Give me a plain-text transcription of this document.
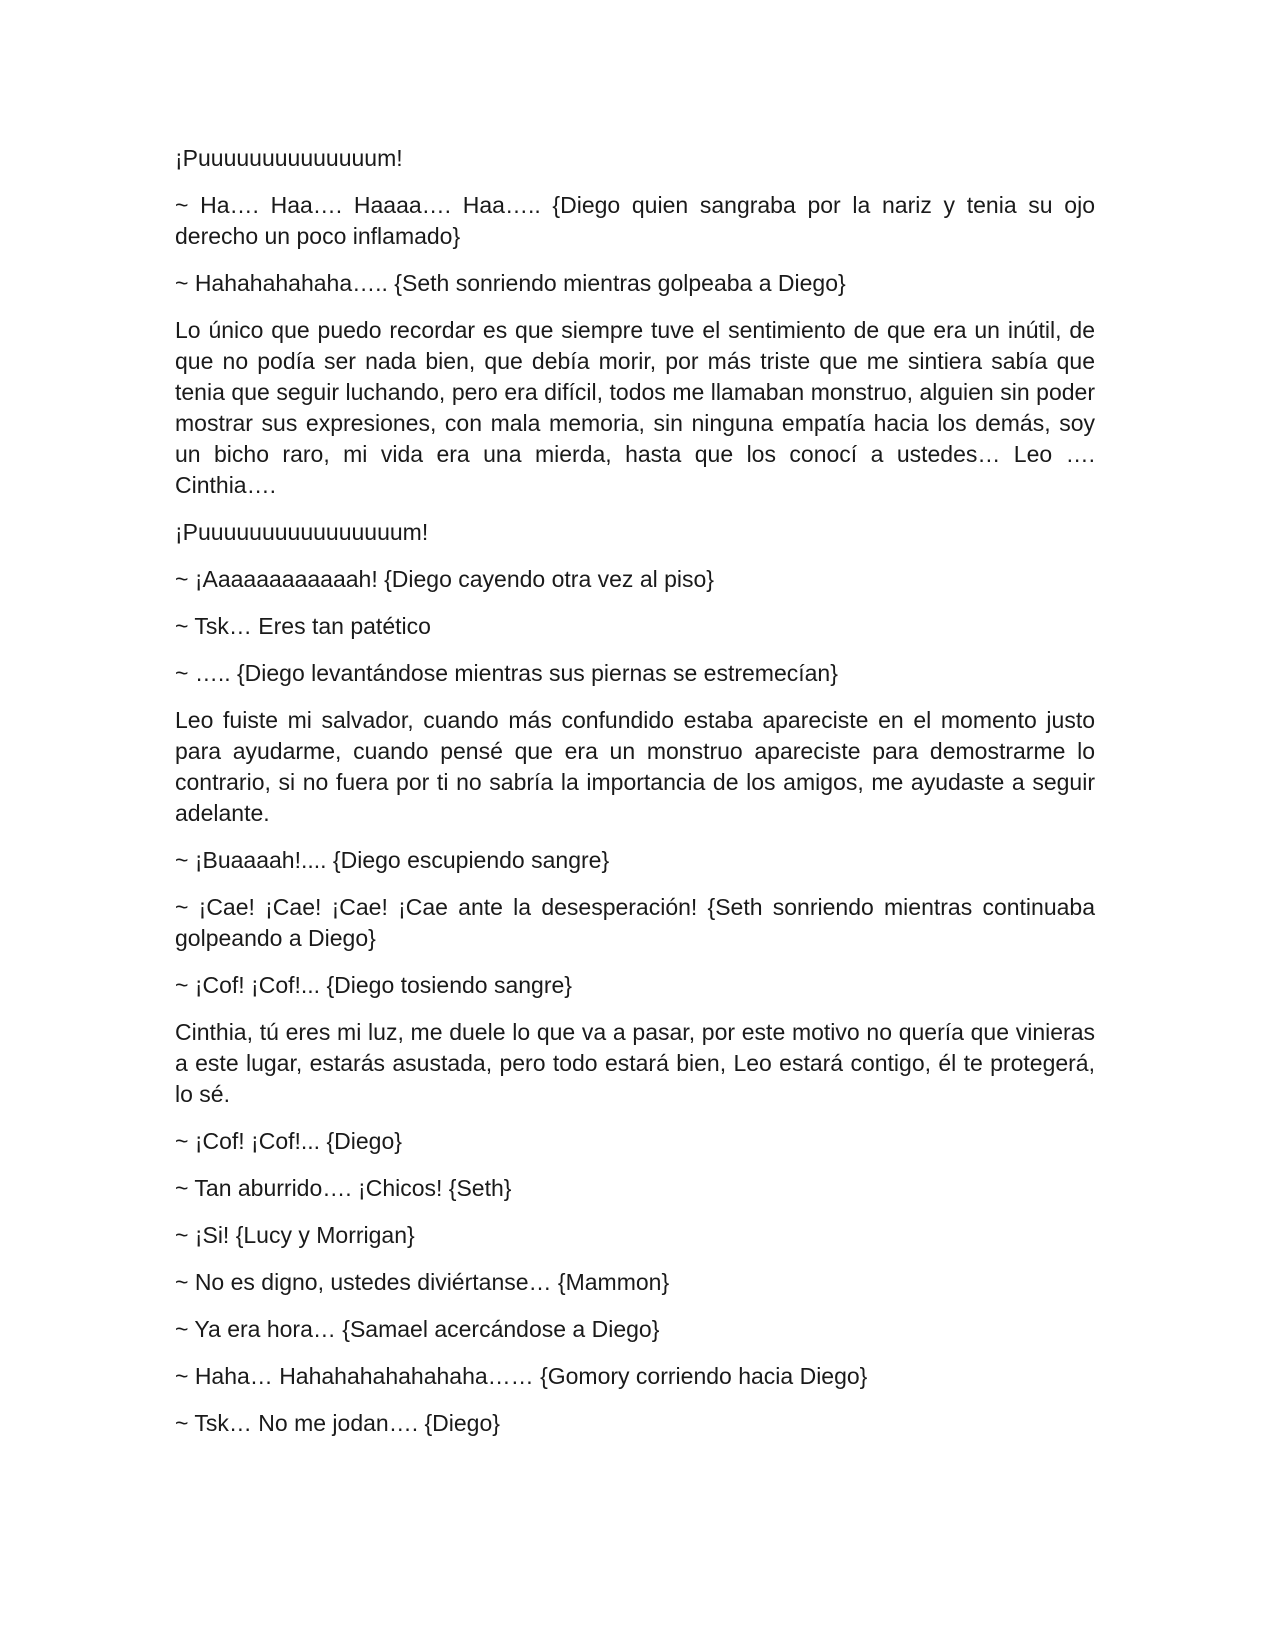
¡Puuuuuuuuuuuuuum!

~ Ha…. Haa…. Haaaa…. Haa….. {Diego quien sangraba por la nariz y tenia su ojo derecho un poco inflamado}

~ Hahahahahaha….. {Seth sonriendo mientras golpeaba a Diego}

Lo único que puedo recordar es que siempre tuve el sentimiento de que era un inútil, de que no podía ser nada bien, que debía morir, por más triste que me sintiera sabía que tenia que seguir luchando, pero era difícil, todos me llamaban monstruo, alguien sin poder mostrar sus expresiones, con mala memoria, sin ninguna empatía hacia los demás, soy un bicho raro, mi vida era una mierda, hasta que los conocí a ustedes… Leo …. Cinthia….

¡Puuuuuuuuuuuuuuuum!

~ ¡Aaaaaaaaaaaah! {Diego cayendo otra vez al piso}

~ Tsk… Eres tan patético

~ ….. {Diego levantándose mientras sus piernas se estremecían}

Leo fuiste mi salvador, cuando más confundido estaba apareciste en el momento justo para ayudarme, cuando pensé que era un monstruo apareciste para demostrarme lo contrario, si no fuera por ti no sabría la importancia de los amigos, me ayudaste a seguir adelante.

~ ¡Buaaaah!.... {Diego escupiendo sangre}

~ ¡Cae! ¡Cae! ¡Cae! ¡Cae ante la desesperación! {Seth sonriendo mientras continuaba golpeando a Diego}

~ ¡Cof! ¡Cof!... {Diego tosiendo sangre}

Cinthia, tú eres mi luz, me duele lo que va a pasar, por este motivo no quería que vinieras a este lugar, estarás asustada, pero todo estará bien, Leo estará contigo, él te protegerá, lo sé.

~ ¡Cof! ¡Cof!... {Diego}

~ Tan aburrido…. ¡Chicos! {Seth}

~ ¡Si! {Lucy y Morrigan}

~ No es digno, ustedes diviértanse… {Mammon}

~ Ya era hora… {Samael acercándose a Diego}

~ Haha… Hahahahahahahaha…… {Gomory corriendo hacia Diego}

~ Tsk… No me jodan…. {Diego}
